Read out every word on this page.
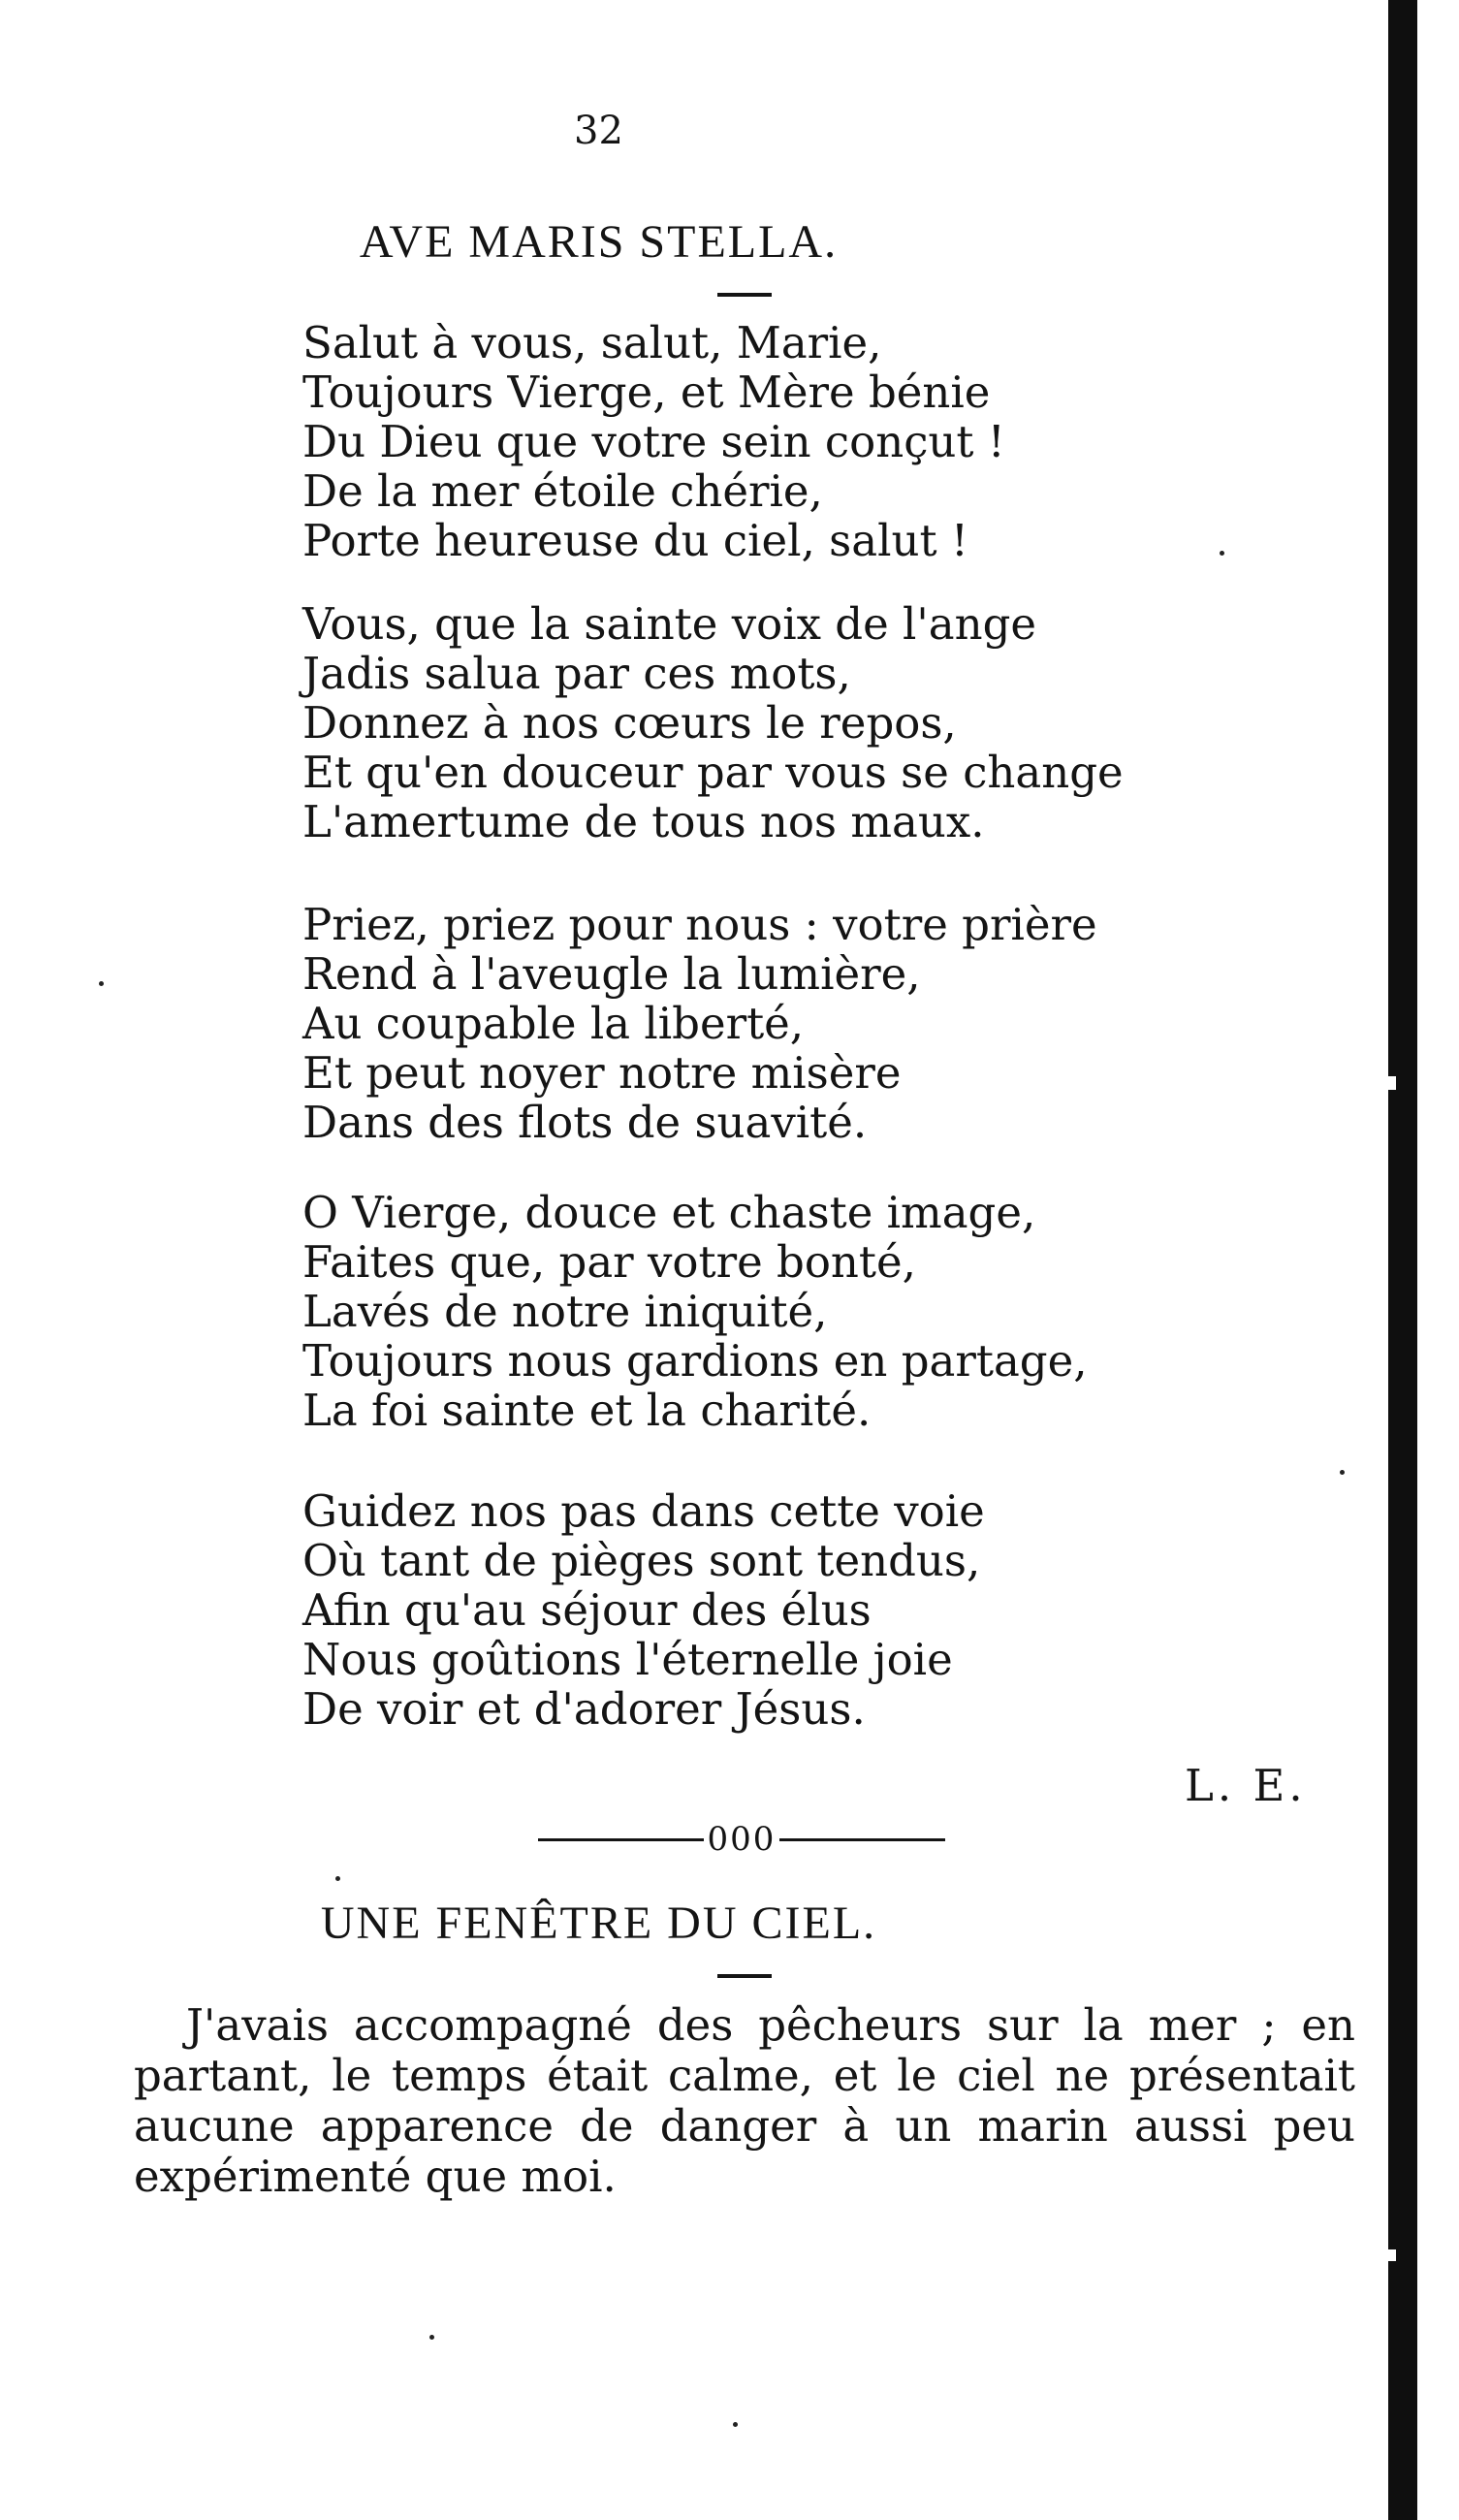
32
AVE MARIS STELLA.
Salut à vous, salut, Marie,
Toujours Vierge, et Mère bénie
Du Dieu que votre sein conçut !
De la mer étoile chérie,
Porte heureuse du ciel, salut !
Vous, que la sainte voix de l'ange
Jadis salua par ces mots,
Donnez à nos cœurs le repos,
Et qu'en douceur par vous se change
L'amertume de tous nos maux.
Priez, priez pour nous : votre prière
Rend à l'aveugle la lumière,
Au coupable la liberté,
Et peut noyer notre misère
Dans des flots de suavité.
O Vierge, douce et chaste image,
Faites que, par votre bonté,
Lavés de notre iniquité,
Toujours nous gardions en partage,
La foi sainte et la charité.
Guidez nos pas dans cette voie
Où tant de pièges sont tendus,
Afin qu'au séjour des élus
Nous goûtions l'éternelle joie
De voir et d'adorer Jésus.
L. E.
000
UNE FENÊTRE DU CIEL.
J'avais accompagné des pêcheurs sur la mer ; en partant, le temps était calme, et le ciel ne présentait aucune apparence de danger à un marin aussi peu expérimenté que moi.
